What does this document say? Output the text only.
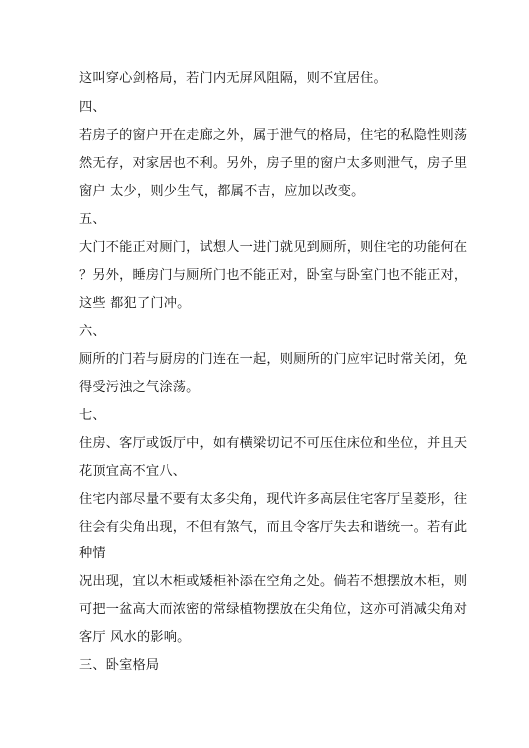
这叫穿心剑格局，若门内无屏风阻隔，则不宜居住。
四、
若房子的窗户开在走廊之外，属于泄气的格局，住宅的私隐性则荡
然无存，对家居也不利。另外，房子里的窗户太多则泄气，房子里
窗户 太少，则少生气，都属不吉，应加以改变。
五、
大门不能正对厕门，试想人一进门就见到厕所，则住宅的功能何在
？另外，睡房门与厕所门也不能正对，卧室与卧室门也不能正对，
这些 都犯了门冲。
六、
厕所的门若与厨房的门连在一起，则厕所的门应牢记时常关闭，免
得受污浊之气涂荡。
七、
住房、客厅或饭厅中，如有横梁切记不可压住床位和坐位，并且天
花顶宜高不宜八、
住宅内部尽量不要有太多尖角，现代许多高层住宅客厅呈菱形，往
往会有尖角出现，不但有煞气，而且令客厅失去和谐统一。若有此
种情
况出现，宜以木柜或矮柜补添在空角之处。倘若不想摆放木柜，则
可把一盆高大而浓密的常绿植物摆放在尖角位，这亦可消减尖角对
客厅 风水的影响。
三、卧室格局
